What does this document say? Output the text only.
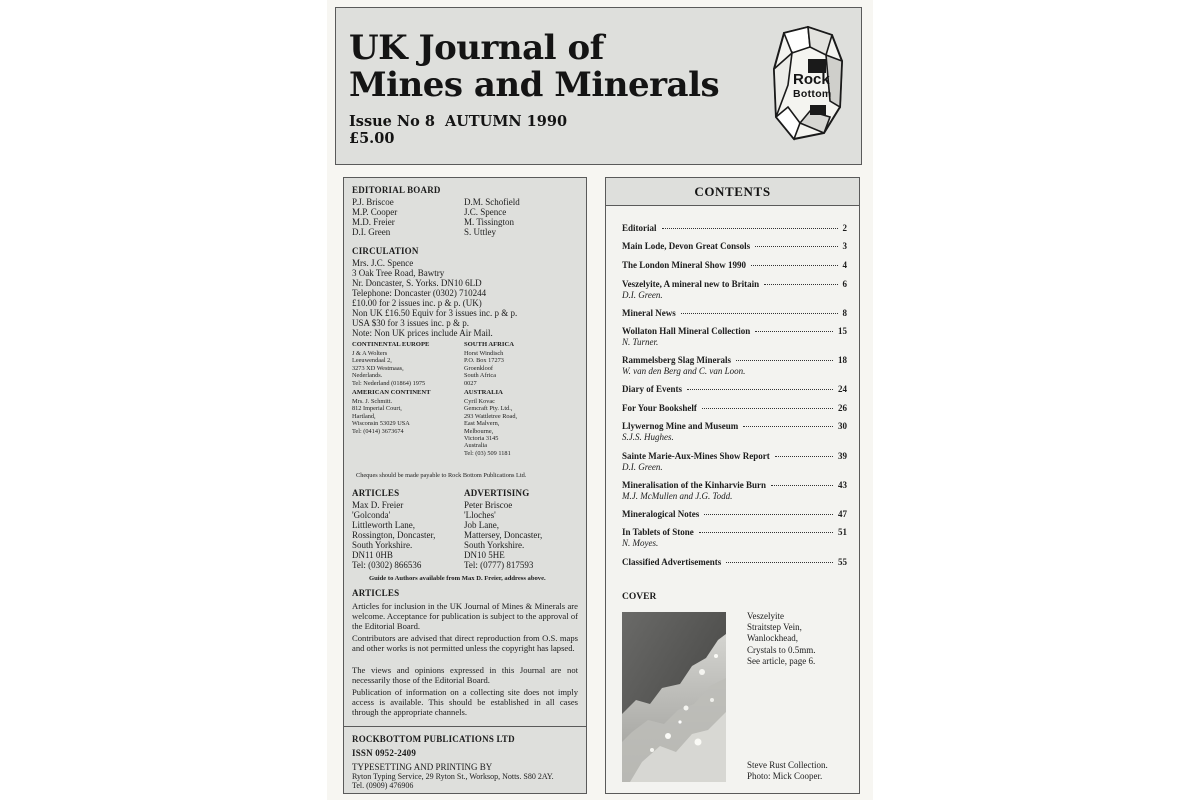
UK Journal of
Mines and Minerals
Issue No 8 AUTUMN 1990
£5.00
Rock
Bottom
EDITORIAL BOARD
P.J. Briscoe
M.P. Cooper
M.D. Freier
D.I. Green
D.M. Schofield
J.C. Spence
M. Tissington
S. Uttley
CIRCULATION
Mrs. J.C. Spence
3 Oak Tree Road, Bawtry
Nr. Doncaster, S. Yorks. DN10 6LD
Telephone: Doncaster (0302) 710244
£10.00 for 2 issues inc. p & p. (UK)
Non UK £16.50 Equiv for 3 issues inc. p & p.
USA $30 for 3 issues inc. p & p.
Note: Non UK prices include Air Mail.
CONTINENTAL EUROPE
J & A Wolters
Leeuwendaal 2,
3273 XD Westmaas,
Nederlands.
Tel: Nederland (01864) 1975
SOUTH AFRICA
Horst Windisch
P.O. Box 17273
Groenkloof
South Africa
0027
AMERICAN CONTINENT
Mrs. J. Schmitt.
812 Imperial Court,
Hartland,
Wisconsin 53029 USA
Tel: (0414) 3673674
AUSTRALIA
Cyril Kovac
Gemcraft Pty. Ltd.,
293 Wattletree Road,
East Malvern,
Melbourne,
Victoria 3145
Australia
Tel: (03) 509 1181
Cheques should be made payable to Rock Bottom Publications Ltd.
ARTICLES
Max D. Freier
'Golconda'
Littleworth Lane,
Rossington, Doncaster,
South Yorkshire.
DN11 0HB
Tel: (0302) 866536
ADVERTISING
Peter Briscoe
'Lloches'
Job Lane,
Mattersey, Doncaster,
South Yorkshire.
DN10 5HE
Tel: (0777) 817593
Guide to Authors available from Max D. Freier, address above.
ARTICLES
Articles for inclusion in the UK Journal of Mines & Minerals are welcome. Acceptance for publication is subject to the approval of the Editorial Board.
Contributors are advised that direct reproduction from O.S. maps and other works is not permitted unless the copyright has lapsed.
The views and opinions expressed in this Journal are not necessarily those of the Editorial Board.
Publication of information on a collecting site does not imply access is available. This should be established in all cases through the appropriate channels.
ROCKBOTTOM PUBLICATIONS LTD
ISSN 0952-2409
TYPESETTING AND PRINTING BY
Ryton Typing Service, 29 Ryton St., Worksop, Notts. S80 2AY.
Tel. (0909) 476906
CONTENTS
Editorial	2
Main Lode, Devon Great Consols	3
The London Mineral Show 1990	4
Veszelyite, A mineral new to Britain	6
D.I. Green.
Mineral News	8
Wollaton Hall Mineral Collection	15
N. Turner.
Rammelsberg Slag Minerals	18
W. van den Berg and C. van Loon.
Diary of Events	24
For Your Bookshelf	26
Llywernog Mine and Museum	30
S.J.S. Hughes.
Sainte Marie-Aux-Mines Show Report	39
D.I. Green.
Mineralisation of the Kinharvie Burn	43
M.J. McMullen and J.G. Todd.
Mineralogical Notes	47
In Tablets of Stone	51
N. Moyes.
Classified Advertisements	55
COVER
Veszelyite
Straitstep Vein,
Wanlockhead,
Crystals to 0.5mm.
See article, page 6.
Steve Rust Collection.
Photo: Mick Cooper.
